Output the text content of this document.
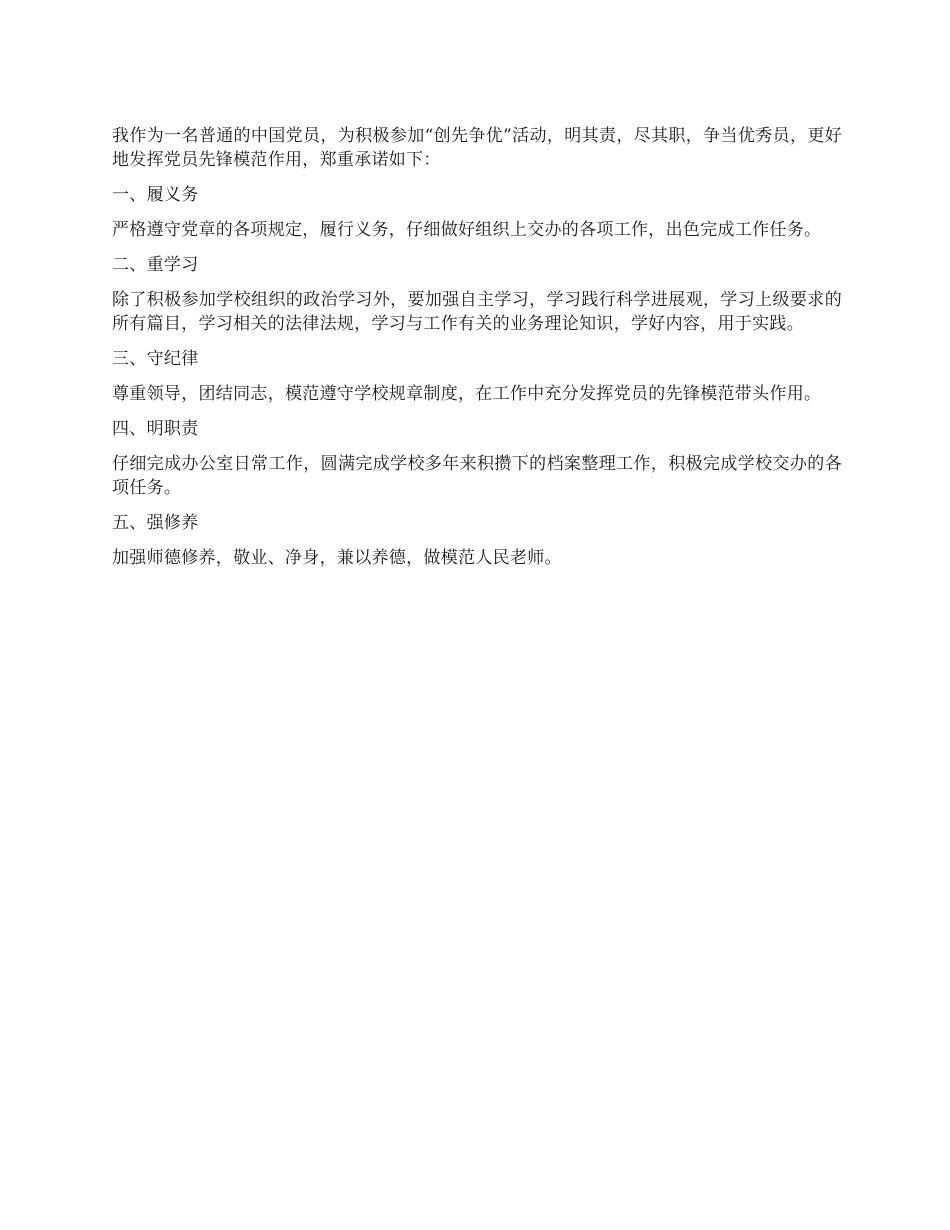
我作为一名普通的中国党员，为积极参加“创先争优”活动，明其责，尽其职，争当优秀员，更好地发挥党员先锋模范作用，郑重承诺如下：

一、履义务

严格遵守党章的各项规定，履行义务，仔细做好组织上交办的各项工作，出色完成工作任务。

二、重学习

除了积极参加学校组织的政治学习外，要加强自主学习，学习践行科学进展观，学习上级要求的所有篇目，学习相关的法律法规，学习与工作有关的业务理论知识，学好内容，用于实践。

三、守纪律

尊重领导，团结同志，模范遵守学校规章制度，在工作中充分发挥党员的先锋模范带头作用。

四、明职责

仔细完成办公室日常工作，圆满完成学校多年来积攒下的档案整理工作，积极完成学校交办的各项任务。

五、强修养

加强师德修养，敬业、净身，兼以养德，做模范人民老师。
